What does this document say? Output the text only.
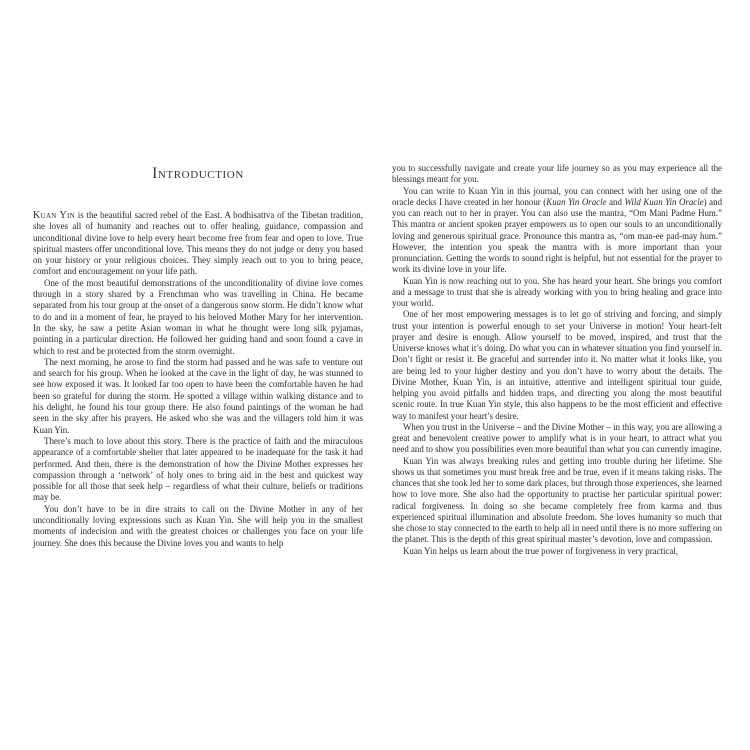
Introduction

Kuan Yin is the beautiful sacred rebel of the East. A bodhisattva of the Tibetan tradition, she loves all of humanity and reaches out to offer healing, guidance, compassion and unconditional divine love to help every heart become free from fear and open to love. True spiritual masters offer unconditional love. This means they do not judge or deny you based on your history or your religious choices. They simply reach out to you to bring peace, comfort and encouragement on your life path.

One of the most beautiful demonstrations of the unconditionality of divine love comes through in a story shared by a Frenchman who was travelling in China. He became separated from his tour group at the onset of a dangerous snow storm. He didn’t know what to do and in a moment of fear, he prayed to his beloved Mother Mary for her intervention. In the sky, he saw a petite Asian woman in what he thought were long silk pyjamas, pointing in a particular direction. He followed her guiding hand and soon found a cave in which to rest and be protected from the storm overnight.

The next morning, he arose to find the storm had passed and he was safe to venture out and search for his group. When he looked at the cave in the light of day, he was stunned to see how exposed it was. It looked far too open to have been the comfortable haven he had been so grateful for during the storm. He spotted a village within walking distance and to his delight, he found his tour group there. He also found paintings of the woman he had seen in the sky after his prayers. He asked who she was and the villagers told him it was Kuan Yin.

There’s much to love about this story. There is the practice of faith and the miraculous appearance of a comfortable shelter that later appeared to be inadequate for the task it had performed. And then, there is the demonstration of how the Divine Mother expresses her compassion through a ‘network’ of holy ones to bring aid in the best and quickest way possible for all those that seek help – regardless of what their culture, beliefs or traditions may be.

You don’t have to be in dire straits to call on the Divine Mother in any of her unconditionally loving expressions such as Kuan Yin. She will help you in the smallest moments of indecision and with the greatest choices or challenges you face on your life journey. She does this because the Divine loves you and wants to help

you to successfully navigate and create your life journey so as you may experience all the blessings meant for you.

You can write to Kuan Yin in this journal, you can connect with her using one of the oracle decks I have created in her honour (Kuan Yin Oracle and Wild Kuan Yin Oracle) and you can reach out to her in prayer. You can also use the mantra, “Om Mani Padme Hum.” This mantra or ancient spoken prayer empowers us to open our souls to an unconditionally loving and generous spiritual grace. Pronounce this mantra as, “om man-ee pad-may hum.” However, the intention you speak the mantra with is more important than your pronunciation. Getting the words to sound right is helpful, but not essential for the prayer to work its divine love in your life.

Kuan Yin is now reaching out to you. She has heard your heart. She brings you comfort and a message to trust that she is already working with you to bring healing and grace into your world.

One of her most empowering messages is to let go of striving and forcing, and simply trust your intention is powerful enough to set your Universe in motion! Your heart-felt prayer and desire is enough. Allow yourself to be moved, inspired, and trust that the Universe knows what it’s doing. Do what you can in whatever situation you find yourself in. Don’t fight or resist it. Be graceful and surrender into it. No matter what it looks like, you are being led to your higher destiny and you don’t have to worry about the details. The Divine Mother, Kuan Yin, is an intuitive, attentive and intelligent spiritual tour guide, helping you avoid pitfalls and hidden traps, and directing you along the most beautiful scenic route. In true Kuan Yin style, this also happens to be the most efficient and effective way to manifest your heart’s desire.

When you trust in the Universe – and the Divine Mother – in this way, you are allowing a great and benevolent creative power to amplify what is in your heart, to attract what you need and to show you possibilities even more beautiful than what you can currently imagine.

Kuan Yin was always breaking rules and getting into trouble during her lifetime. She shows us that sometimes you must break free and be true, even if it means taking risks. The chances that she took led her to some dark places, but through those experiences, she learned how to love more. She also had the opportunity to practise her particular spiritual power: radical forgiveness. In doing so she became completely free from karma and thus experienced spiritual illumination and absolute freedom. She loves humanity so much that she chose to stay connected to the earth to help all in need until there is no more suffering on the planet. This is the depth of this great spiritual master’s devotion, love and compassion.

Kuan Yin helps us learn about the true power of forgiveness in very practical,
